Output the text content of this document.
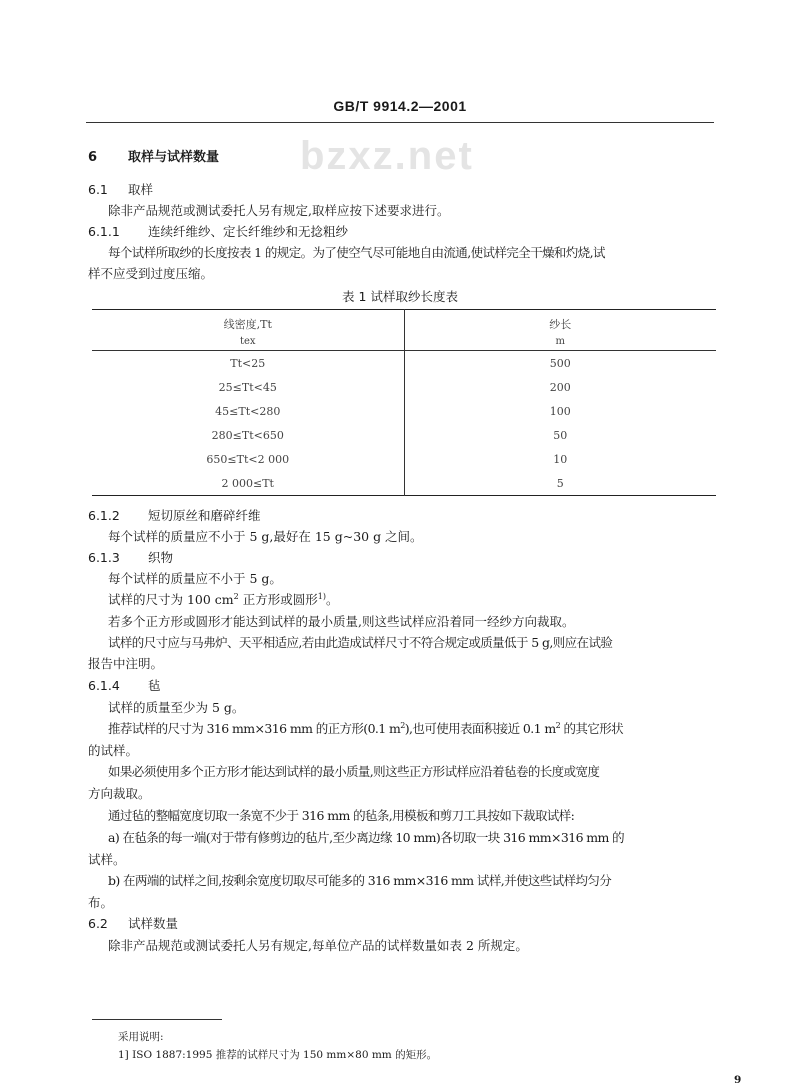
GB/T 9914.2—2001
bzxz.net
6 取样与试样数量
6.1 取样
除非产品规范或测试委托人另有规定,取样应按下述要求进行。
6.1.1 连续纤维纱、定长纤维纱和无捻粗纱
每个试样所取纱的长度按表 1 的规定。为了使空气尽可能地自由流通,使试样完全干燥和灼烧,试
样不应受到过度压缩。
表 1 试样取纱长度表
线密度,Tt	纱长
tex	m
Tt<25	500
25≤Tt<45	200
45≤Tt<280	100
280≤Tt<650	50
650≤Tt<2 000	10
2 000≤Tt	5
6.1.2 短切原丝和磨碎纤维
每个试样的质量应不小于 5 g,最好在 15 g~30 g 之间。
6.1.3 织物
每个试样的质量应不小于 5 g。
试样的尺寸为 100 $cm^2$ 正方形或圆形$^{1)}$。
若多个正方形或圆形才能达到试样的最小质量,则这些试样应沿着同一经纱方向裁取。
试样的尺寸应与马弗炉、天平相适应,若由此造成试样尺寸不符合规定或质量低于 5 g,则应在试验
报告中注明。
6.1.4 毡
试样的质量至少为 5 g。
推荐试样的尺寸为 316 mm×316 mm 的正方形(0.1 $m^2$),也可使用表面积接近 0.1 $m^2$ 的其它形状
的试样。
如果必须使用多个正方形才能达到试样的最小质量,则这些正方形试样应沿着毡卷的长度或宽度
方向裁取。
通过毡的整幅宽度切取一条宽不少于 316 mm 的毡条,用模板和剪刀工具按如下裁取试样:
a) 在毡条的每一端(对于带有修剪边的毡片,至少离边缘 10 mm)各切取一块 316 mm×316 mm 的
试样。
b) 在两端的试样之间,按剩余宽度切取尽可能多的 316 mm×316 mm 试样,并使这些试样均匀分
布。
6.2 试样数量
除非产品规范或测试委托人另有规定,每单位产品的试样数量如表 2 所规定。
采用说明:
1] ISO 1887:1995 推荐的试样尺寸为 150 mm×80 mm 的矩形。
9
